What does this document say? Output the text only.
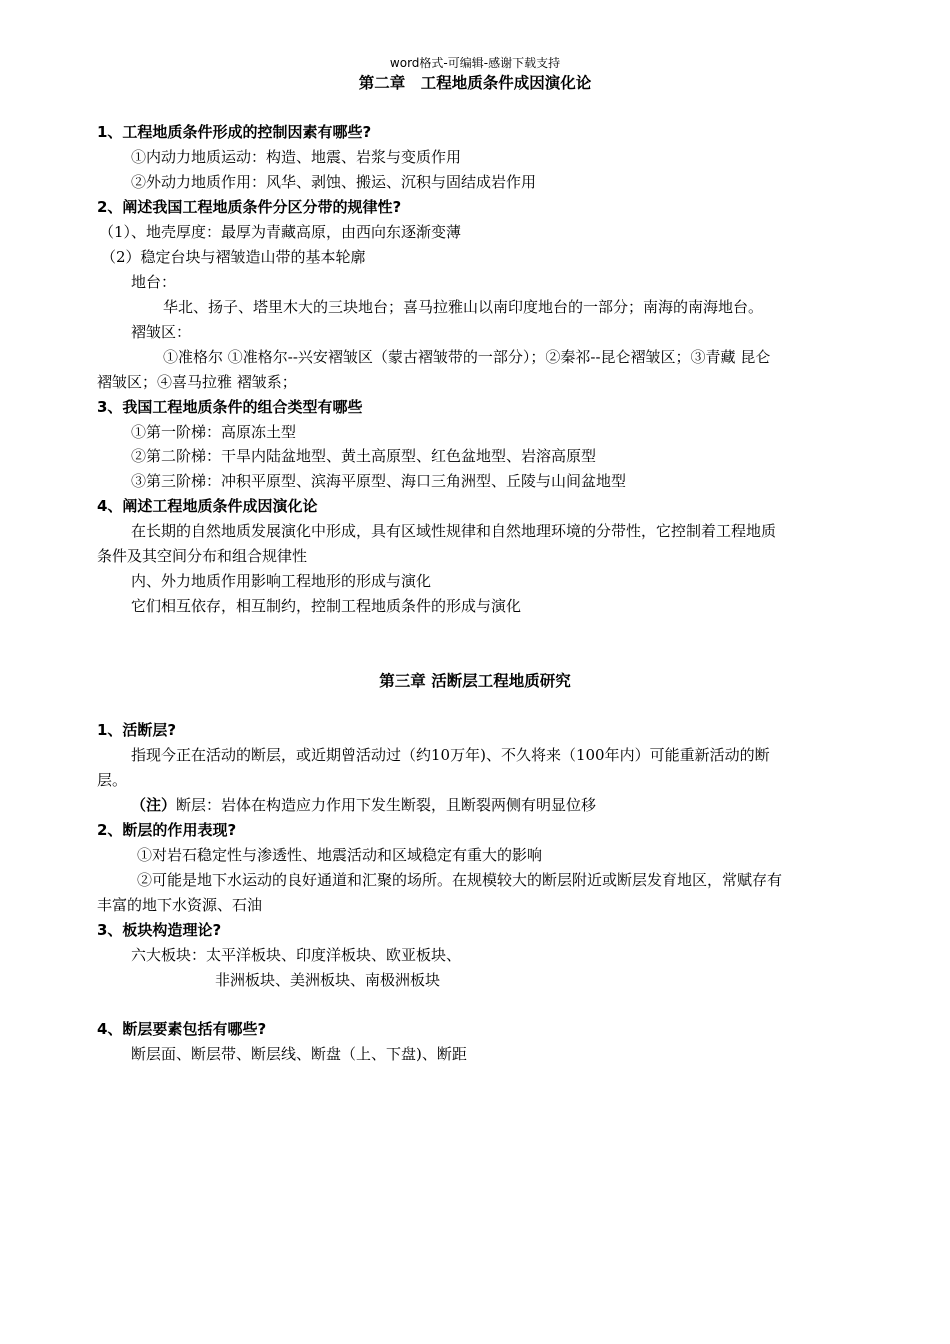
word格式-可编辑-感谢下载支持
第二章　工程地质条件成因演化论
1、工程地质条件形成的控制因素有哪些?
①内动力地质运动：构造、地震、岩浆与变质作用
②外动力地质作用：风华、剥蚀、搬运、沉积与固结成岩作用
2、阐述我国工程地质条件分区分带的规律性?
（1）、地壳厚度：最厚为青藏高原，由西向东逐渐变薄
（2）稳定台块与褶皱造山带的基本轮廓
地台：
华北、扬子、塔里木大的三块地台；喜马拉雅山以南印度地台的一部分；南海的南海地台。
褶皱区：
①准格尔 ①准格尔--兴安褶皱区（蒙古褶皱带的一部分）；②秦祁--昆仑褶皱区；③青藏 昆仑
褶皱区；④喜马拉雅 褶皱系；
3、我国工程地质条件的组合类型有哪些
①第一阶梯：高原冻土型
②第二阶梯：干旱内陆盆地型、黄土高原型、红色盆地型、岩溶高原型
③第三阶梯：冲积平原型、滨海平原型、海口三角洲型、丘陵与山间盆地型
4、阐述工程地质条件成因演化论
在长期的自然地质发展演化中形成，具有区域性规律和自然地理环境的分带性，它控制着工程地质
条件及其空间分布和组合规律性
内、外力地质作用影响工程地形的形成与演化
它们相互依存，相互制约，控制工程地质条件的形成与演化
第三章 活断层工程地质研究
1、活断层?
指现今正在活动的断层，或近期曾活动过（约10万年)、不久将来（100年内）可能重新活动的断
层。
（注）断层：岩体在构造应力作用下发生断裂，且断裂两侧有明显位移
2、断层的作用表现?
①对岩石稳定性与渗透性、地震活动和区域稳定有重大的影响
②可能是地下水运动的良好通道和汇聚的场所。在规模较大的断层附近或断层发育地区，常赋存有
丰富的地下水资源、石油
3、板块构造理论?
六大板块：太平洋板块、印度洋板块、欧亚板块、
非洲板块、美洲板块、南极洲板块
4、断层要素包括有哪些?
断层面、断层带、断层线、断盘（上、下盘)、断距
